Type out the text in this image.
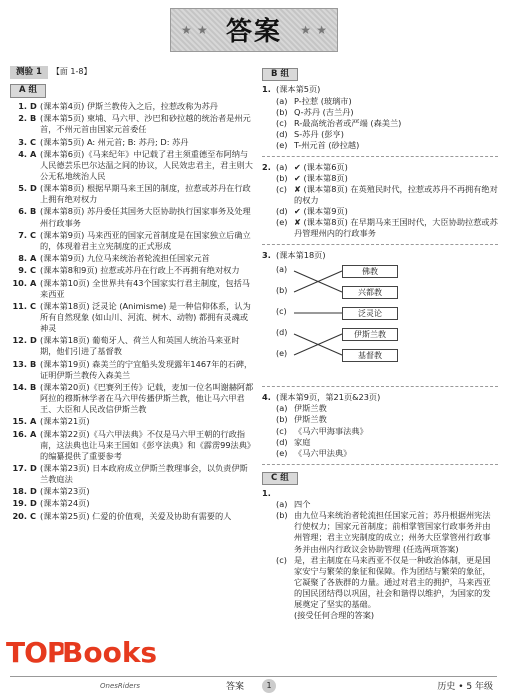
★ ★ 答案	★ ★
测验 1	【面 1-8】
A 组
1. D (课本第4页) 伊斯兰教传入之后，拉惹改称为苏丹
2. B (课本第5页) 柬埔、马六甲、沙巴和砂拉越的统治者是州元首，不州元首由国家元首委任
3. C (课本第5页) A: 州元首; B: 苏丹; D: 苏丹
4. A (课本第6页)《马来纪年》中记载了君主须重德至布阿纳与人民德芸乐巴尔达温之间的协议，人民效忠君主，君主则大公无私地统治人民
5. D (课本第8页) 根据早期马来王国的制度，拉惹或苏丹在行政上拥有绝对权力
6. B (课本第8页) 苏丹委任其国务大臣协助执行国家事务及处理州行政事务
7. C (课本第9页) 马来西亚的国家元首制度是在国家独立后确立的，体现着君主立宪制度的正式形成
8. A (课本第9页) 九位马来统治者轮流担任国家元首
9. C (课本第8和9页) 拉惹或苏丹在行政上不再拥有绝对权力
10. A (课本第10页) 全世界共有43个国家实行君主制度，包括马来西亚
11. C (课本第18页) 泛灵论 (Animisme) 是一种信仰体系，认为所有自然现象 (如山川、河流、树木、动物) 都拥有灵魂或神灵
12. D (课本第18页) 葡萄牙人、荷兰人和英国人统治马来亚时期，他们引进了基督教
13. B (课本第19页) 森美兰的宁宜船头发现露年1467年的石碑，证明伊斯兰教传入森美兰
14. B (课本第20页)《巴赛列王传》记载，麦加一位名叫谢赫阿都阿拉的穆斯林学者在马六甲传播伊斯兰教，他让马六甲君王、大臣和人民改信伊斯兰教
15. A (课本第21页)
16. A (课本第22页)《马六甲法典》不仅是马六甲王朝的行政指南，这法典也让马来王国如《彭亨法典》和《霹雳99法典》的编纂提供了重要参考
17. D (课本第23页) 日本政府成立伊斯兰教理事会，以负责伊斯兰教庭法
18. D (课本第23页)
19. D (课本第24页)
20. C (课本第25页) 仁爱的价值观，关爱及协助有需要的人
B 组
1. (课本第5页)
(a) P-拉惹 (玻璃市)
(b) Q-苏丹 (吉兰丹)
(c) R-最高统治者或严端 (森美兰)
(d) S-苏丹 (彭亨)
(e) T-州元首 (砂拉越)
2. (a) ✔ (课本第6页)
(b) ✔ (课本第8页)
(c) ✘ (课本第8页) 在英殖民时代，拉惹或苏丹不再拥有绝对的权力
(d) ✔ (课本第9页)
(e) ✘ (课本第8页) 在早期马来王国时代，大臣协助拉惹或苏丹管理州内的行政事务
3. (课本第18页)
(a)
(b)
(c)
(d)
(e)
佛教
兴都教
泛灵论
伊斯兰教
基督教
4. (课本第9页，第21页&23页)
(a) 伊斯兰教
(b) 伊斯兰教
(c) 《马六甲海事法典》
(d) 家庭
(e) 《马六甲法典》
C 组
1.
(a) 四个
(b) 由九位马来统治者轮流担任国家元首；苏丹根据州宪法行使权力；国家元首制度；前相掌管国家行政事务并由州管理；君主立宪制度的成立；州务大臣掌管州行政事务并由州内行政议会协助管理 (任选两项答案)
(c) 是，君主制度在马来西亚不仅是一种政治体制，更是国家安宁与繁荣的象征和保障。作为团结与繁荣的象征，它凝聚了各族群的力量。通过对君主的拥护，马来西亚的国民团结得以巩固，社会和谐得以维护，为国家的发展奠定了坚实的基础。
(接受任何合理的答案)
TOP
Books
OnesRiders	答案	1	历史 • 5 年级
